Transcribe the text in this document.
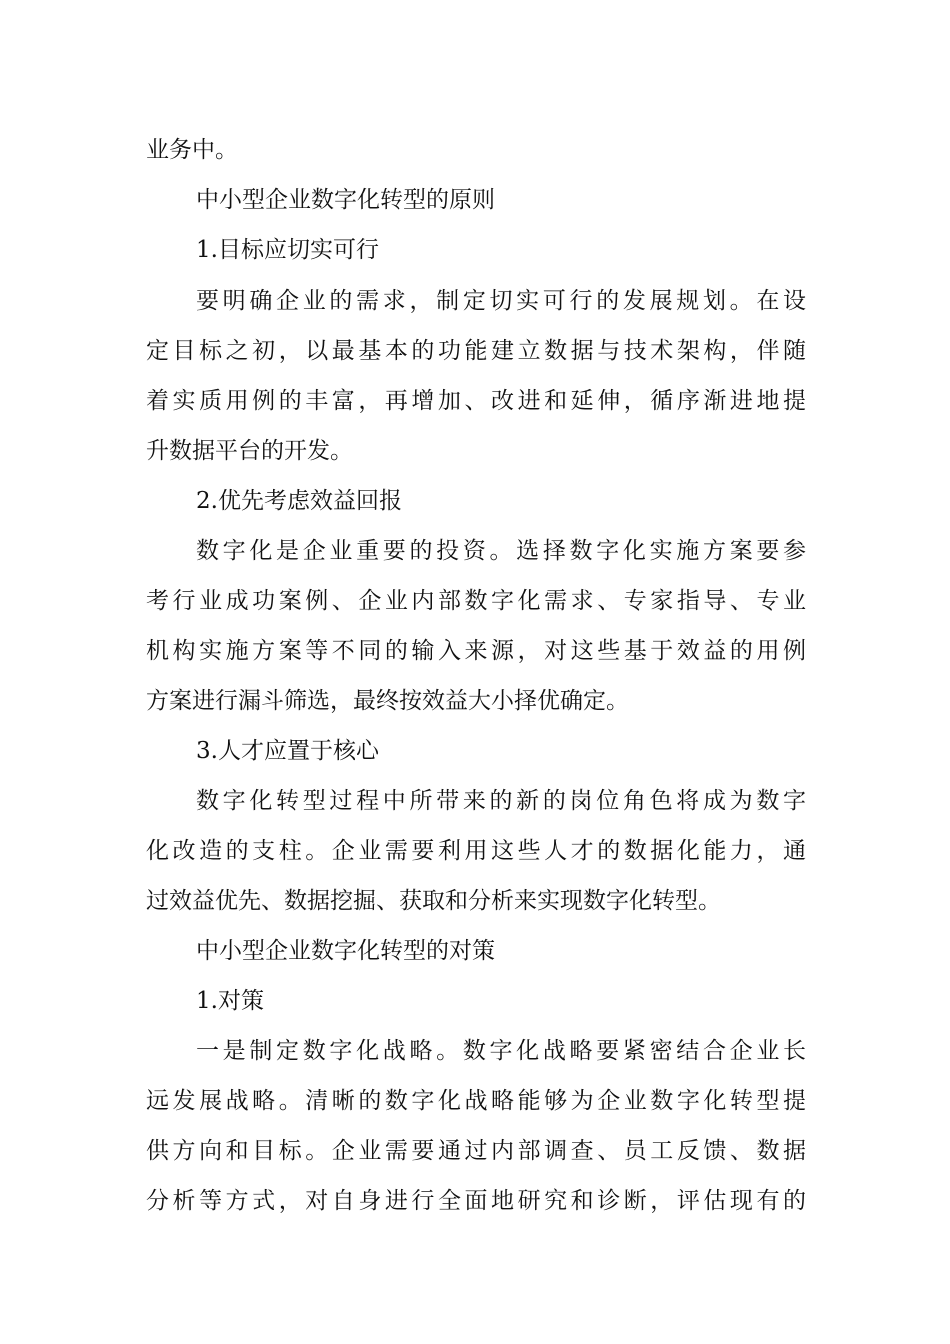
业务中。
中小型企业数字化转型的原则
1.目标应切实可行
要明确企业的需求，制定切实可行的发展规划。在设
定目标之初，以最基本的功能建立数据与技术架构，伴随
着实质用例的丰富，再增加、改进和延伸，循序渐进地提
升数据平台的开发。
2.优先考虑效益回报
数字化是企业重要的投资。选择数字化实施方案要参
考行业成功案例、企业内部数字化需求、专家指导、专业
机构实施方案等不同的输入来源，对这些基于效益的用例
方案进行漏斗筛选，最终按效益大小择优确定。
3.人才应置于核心
数字化转型过程中所带来的新的岗位角色将成为数字
化改造的支柱。企业需要利用这些人才的数据化能力，通
过效益优先、数据挖掘、获取和分析来实现数字化转型。
中小型企业数字化转型的对策
1.对策
一是制定数字化战略。数字化战略要紧密结合企业长
远发展战略。清晰的数字化战略能够为企业数字化转型提
供方向和目标。企业需要通过内部调查、员工反馈、数据
分析等方式，对自身进行全面地研究和诊断，评估现有的
